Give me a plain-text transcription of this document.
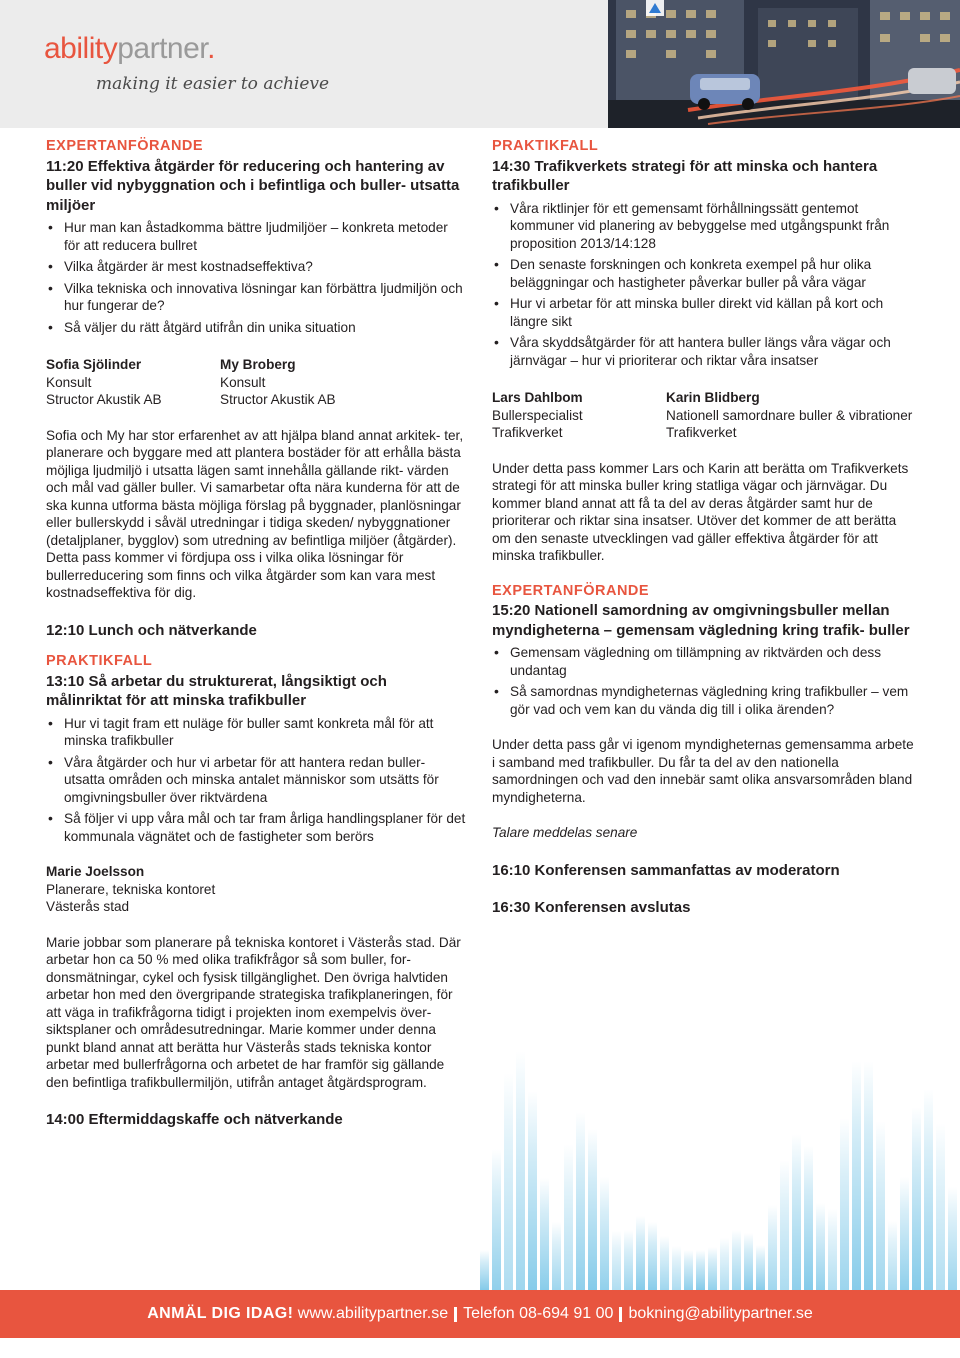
abilitypartner.
making it easier to achieve
EXPERTANFÖRANDE
11:20 Effektiva åtgärder för reducering och hantering av buller vid nybyggnation och i befintliga och buller- utsatta miljöer
• Hur man kan åstadkomma bättre ljudmiljöer – konkreta metoder för att reducera bullret
• Vilka åtgärder är mest kostnadseffektiva?
• Vilka tekniska och innovativa lösningar kan förbättra ljudmiljön och hur fungerar de?
• Så väljer du rätt åtgärd utifrån din unika situation
Sofia Sjölinder
Konsult
Structor Akustik AB
My Broberg
Konsult
Structor Akustik AB

Sofia och My har stor erfarenhet av att hjälpa bland annat arkitek- ter, planerare och byggare med att plantera bostäder för att erhålla bästa möjliga ljudmiljö i utsatta lägen samt innehålla gällande rikt- värden och mål vad gäller buller. Vi samarbetar ofta nära kunderna för att de ska kunna utforma bästa möjliga förslag på byggnader, planlösningar eller bullerskydd i såväl utredningar i tidiga skeden/ nybyggnationer (detaljplaner, bygglov) som utredning av befintliga miljöer (åtgärder). Detta pass kommer vi fördjupa oss i vilka olika lösningar för bullerreducering som finns och vilka åtgärder som kan vara mest kostnadseffektiva för dig.

12:10 Lunch och nätverkande
PRAKTIKFALL
13:10 Så arbetar du strukturerat, långsiktigt och målinriktat för att minska trafikbuller
• Hur vi tagit fram ett nuläge för buller samt konkreta mål för att minska trafikbuller
• Våra åtgärder och hur vi arbetar för att hantera redan buller- utsatta områden och minska antalet människor som utsätts för omgivningsbuller över riktvärdena
• Så följer vi upp våra mål och tar fram årliga handlingsplaner för det kommunala vägnätet och de fastigheter som berörs
Marie Joelsson
Planerare, tekniska kontoret
Västerås stad

Marie jobbar som planerare på tekniska kontoret i Västerås stad. Där arbetar hon ca 50 % med olika trafikfrågor så som buller, for- donsmätningar, cykel och fysisk tillgänglighet. Den övriga halvtiden arbetar hon med den övergripande strategiska trafikplaneringen, för att väga in trafikfrågorna tidigt i projekten inom exempelvis över- siktsplaner och områdesutredningar. Marie kommer under denna punkt bland annat att berätta hur Västerås stads tekniska kontor arbetar med bullerfrågorna och arbetet de har framför sig gällande den befintliga trafikbullermiljön, utifrån antaget åtgärdsprogram.

14:00 Eftermiddagskaffe och nätverkande
PRAKTIKFALL
14:30 Trafikverkets strategi för att minska och hantera trafikbuller
• Våra riktlinjer för ett gemensamt förhållningssätt gentemot kommuner vid planering av bebyggelse med utgångspunkt från proposition 2013/14:128
• Den senaste forskningen och konkreta exempel på hur olika beläggningar och hastigheter påverkar buller på våra vägar
• Hur vi arbetar för att minska buller direkt vid källan på kort och längre sikt
• Våra skyddsåtgärder för att hantera buller längs våra vägar och järnvägar – hur vi prioriterar och riktar våra insatser
Lars Dahlbom
Bullerspecialist
Trafikverket
Karin Blidberg
Nationell samordnare buller & vibrationer
Trafikverket

Under detta pass kommer Lars och Karin att berätta om Trafikverkets strategi för att minska buller kring statliga vägar och järnvägar. Du kommer bland annat att få ta del av deras åtgärder samt hur de prioriterar och riktar sina insatser. Utöver det kommer de att berätta om den senaste utvecklingen vad gäller effektiva åtgärder för att minska trafikbuller.

EXPERTANFÖRANDE
15:20 Nationell samordning av omgivningsbuller mellan myndigheterna – gemensam vägledning kring trafik- buller
• Gemensam vägledning om tillämpning av riktvärden och dess undantag
• Så samordnas myndigheternas vägledning kring trafikbuller – vem gör vad och vem kan du vända dig till i olika ärenden?

Under detta pass går vi igenom myndigheternas gemensamma arbete i samband med trafikbuller. Du får ta del av den nationella samordningen och vad den innebär samt olika ansvarsområden bland myndigheterna.

Talare meddelas senare
16:10 Konferensen sammanfattas av moderatorn
16:30 Konferensen avslutas
ANMÄL DIG IDAG!
www.abilitypartner.se Telefon 08-694 91 00 bokning@abilitypartner.se
